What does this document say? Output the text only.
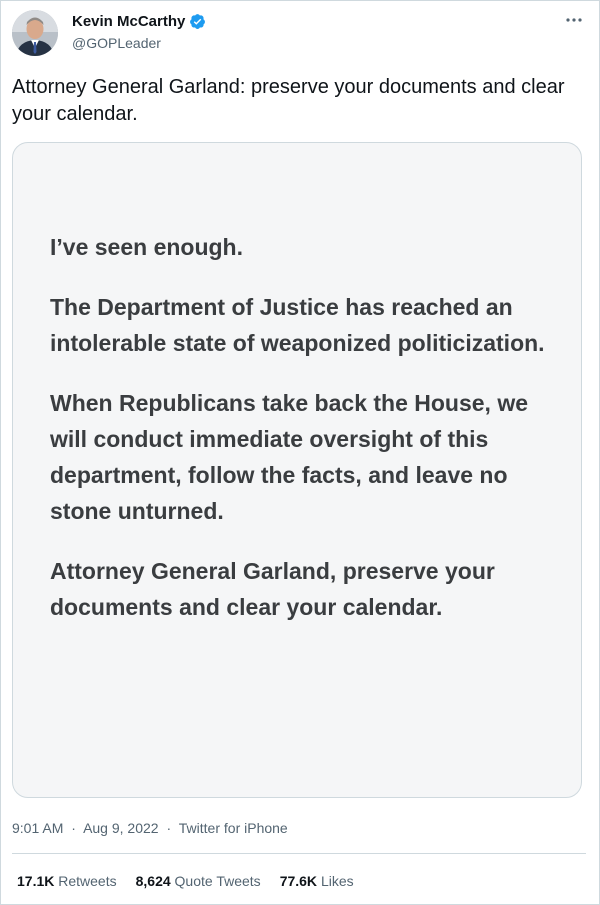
Kevin McCarthy
@GOPLeader
Attorney General Garland: preserve your documents and clear your calendar.

I’ve seen enough.

The Department of Justice has reached an intolerable state of weaponized politicization.

When Republicans take back the House, we will conduct immediate oversight of this department, follow the facts, and leave no stone unturned.

Attorney General Garland, preserve your documents and clear your calendar.

9:01 AM · Aug 9, 2022 · Twitter for iPhone
17.1K Retweets 8,624 Quote Tweets 77.6K Likes
